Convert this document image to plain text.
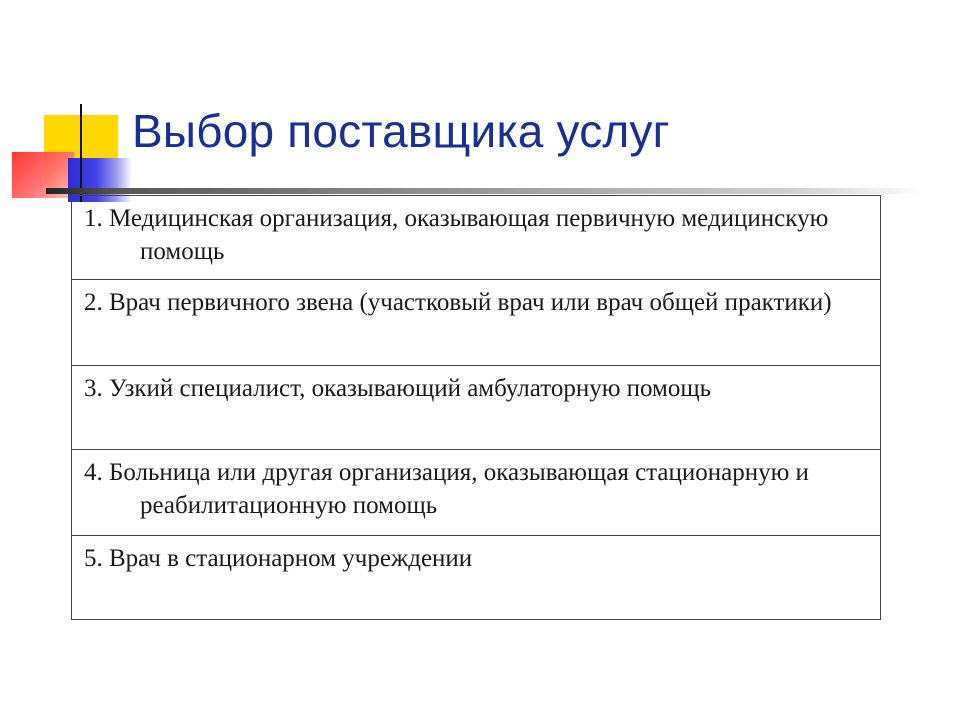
Выбор поставщика услуг
1. Медицинская организация, оказывающая первичную медицинскую помощь
2. Врач первичного звена (участковый врач или врач общей практики)
3. Узкий специалист, оказывающий амбулаторную помощь
4. Больница или другая организация, оказывающая стационарную и реабилитационную помощь
5. Врач в стационарном учреждении
